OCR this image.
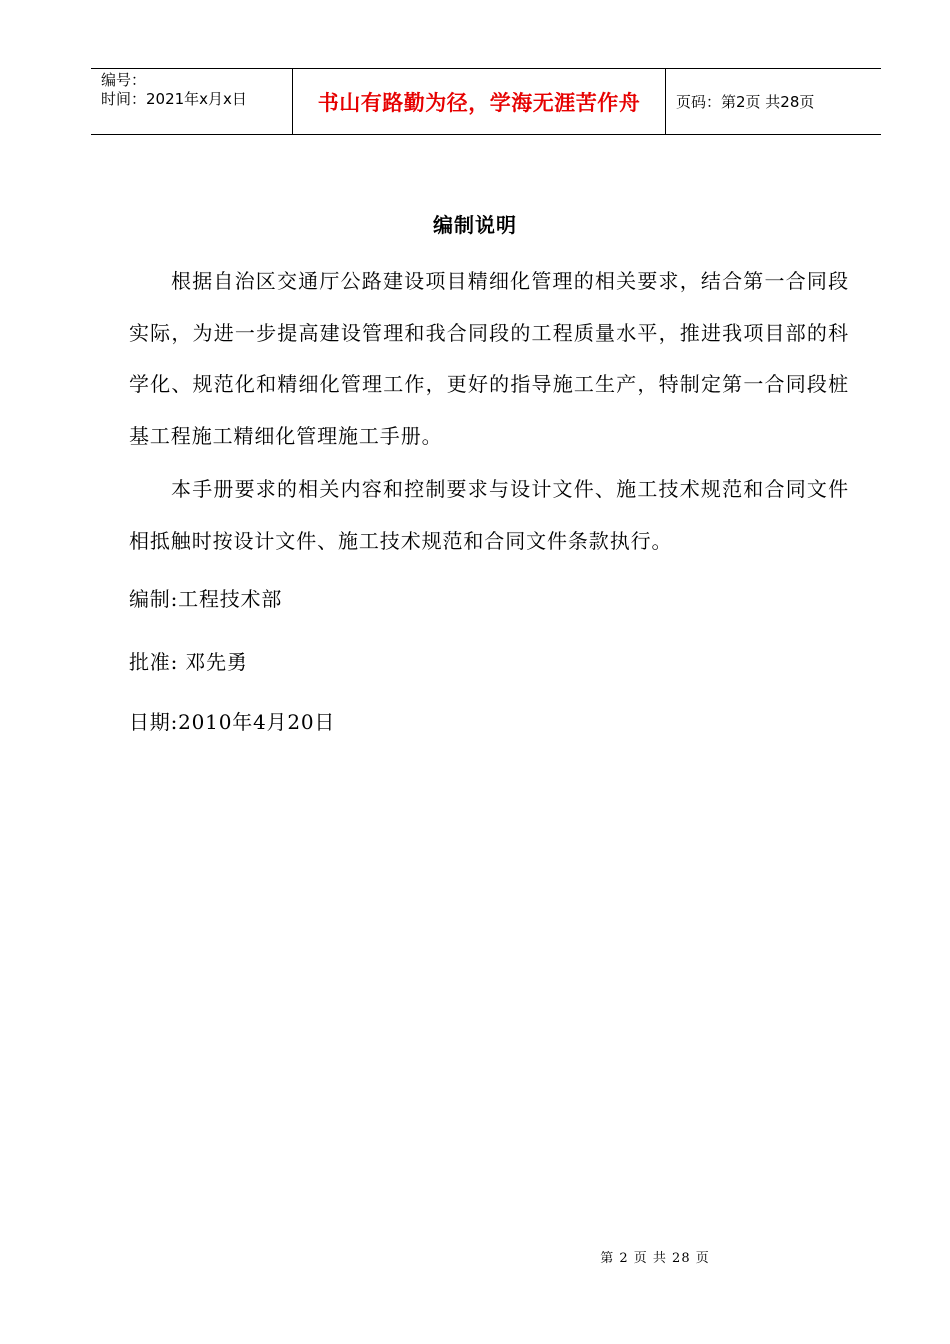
编号：
时间：2021年x月x日	书山有路勤为径，学海无涯苦作舟 页码：第2页 共28页
编制说明

根据自治区交通厅公路建设项目精细化管理的相关要求，结合第一合同段实际，为进一步提高建设管理和我合同段的工程质量水平，推进我项目部的科学化、规范化和精细化管理工作，更好的指导施工生产，特制定第一合同段桩基工程施工精细化管理施工手册。

本手册要求的相关内容和控制要求与设计文件、施工技术规范和合同文件相抵触时按设计文件、施工技术规范和合同文件条款执行。

编制:工程技术部
批准: 邓先勇
日期:2010年4月20日
第 2 页 共 28 页
